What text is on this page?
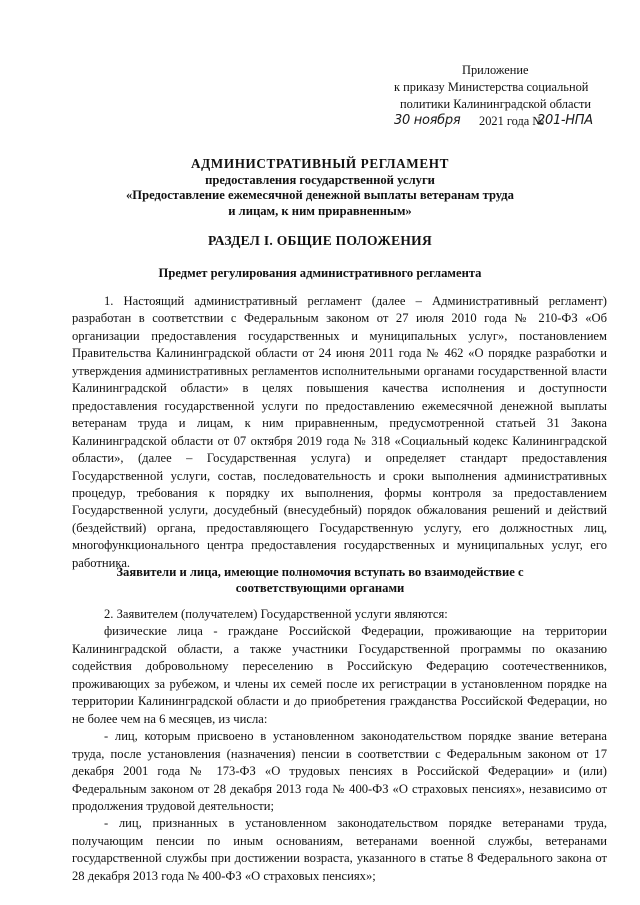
Приложение
к приказу Министерства социальной
политики Калининградской области
30 ноября 2021 года №
201-НПА
АДМИНИСТРАТИВНЫЙ РЕГЛАМЕНТ
предоставления государственной услуги
«Предоставление ежемесячной денежной выплаты ветеранам труда
и лицам, к ним приравненным»
РАЗДЕЛ I. ОБЩИЕ ПОЛОЖЕНИЯ
Предмет регулирования административного регламента
1. Настоящий административный регламент (далее – Административный регламент) разработан в соответствии с Федеральным законом от 27 июля 2010 года № 210-ФЗ «Об организации предоставления государственных и муниципальных услуг», постановлением Правительства Калининградской области от 24 июня 2011 года № 462 «О порядке разработки и утверждения административных регламентов исполнительными органами государственной власти Калининградской области» в целях повышения качества исполнения и доступности предоставления государственной услуги по предоставлению ежемесячной денежной выплаты ветеранам труда и лицам, к ним приравненным, предусмотренной статьей 31 Закона Калининградской области от 07 октября 2019 года № 318 «Социальный кодекс Калининградской области», (далее – Государственная услуга) и определяет стандарт предоставления Государственной услуги, состав, последовательность и сроки выполнения административных процедур, требования к порядку их выполнения, формы контроля за предоставлением Государственной услуги, досудебный (внесудебный) порядок обжалования решений и действий (бездействий) органа, предоставляющего Государственную услугу, его должностных лиц, многофункционального центра предоставления государственных и муниципальных услуг, его работника.
Заявители и лица, имеющие полномочия вступать во взаимодействие с
соответствующими органами

2. Заявителем (получателем) Государственной услуги являются:

физические лица - граждане Российской Федерации, проживающие на территории Калининградской области, а также участники Государственной программы по оказанию содействия добровольному переселению в Российскую Федерацию соотечественников, проживающих за рубежом, и члены их семей после их регистрации в установленном порядке на территории Калининградской области и до приобретения гражданства Российской Федерации, но не более чем на 6 месяцев, из числа:

- лиц, которым присвоено в установленном законодательством порядке звание ветерана труда, после установления (назначения) пенсии в соответствии с Федеральным законом от 17 декабря 2001 года № 173-ФЗ «О трудовых пенсиях в Российской Федерации» и (или) Федеральным законом от 28 декабря 2013 года № 400-ФЗ «О страховых пенсиях», независимо от продолжения трудовой деятельности;

- лиц, признанных в установленном законодательством порядке ветеранами труда, получающим пенсии по иным основаниям, ветеранами военной службы, ветеранами государственной службы при достижении возраста, указанного в статье 8 Федерального закона от 28 декабря 2013 года № 400-ФЗ «О страховых пенсиях»;
